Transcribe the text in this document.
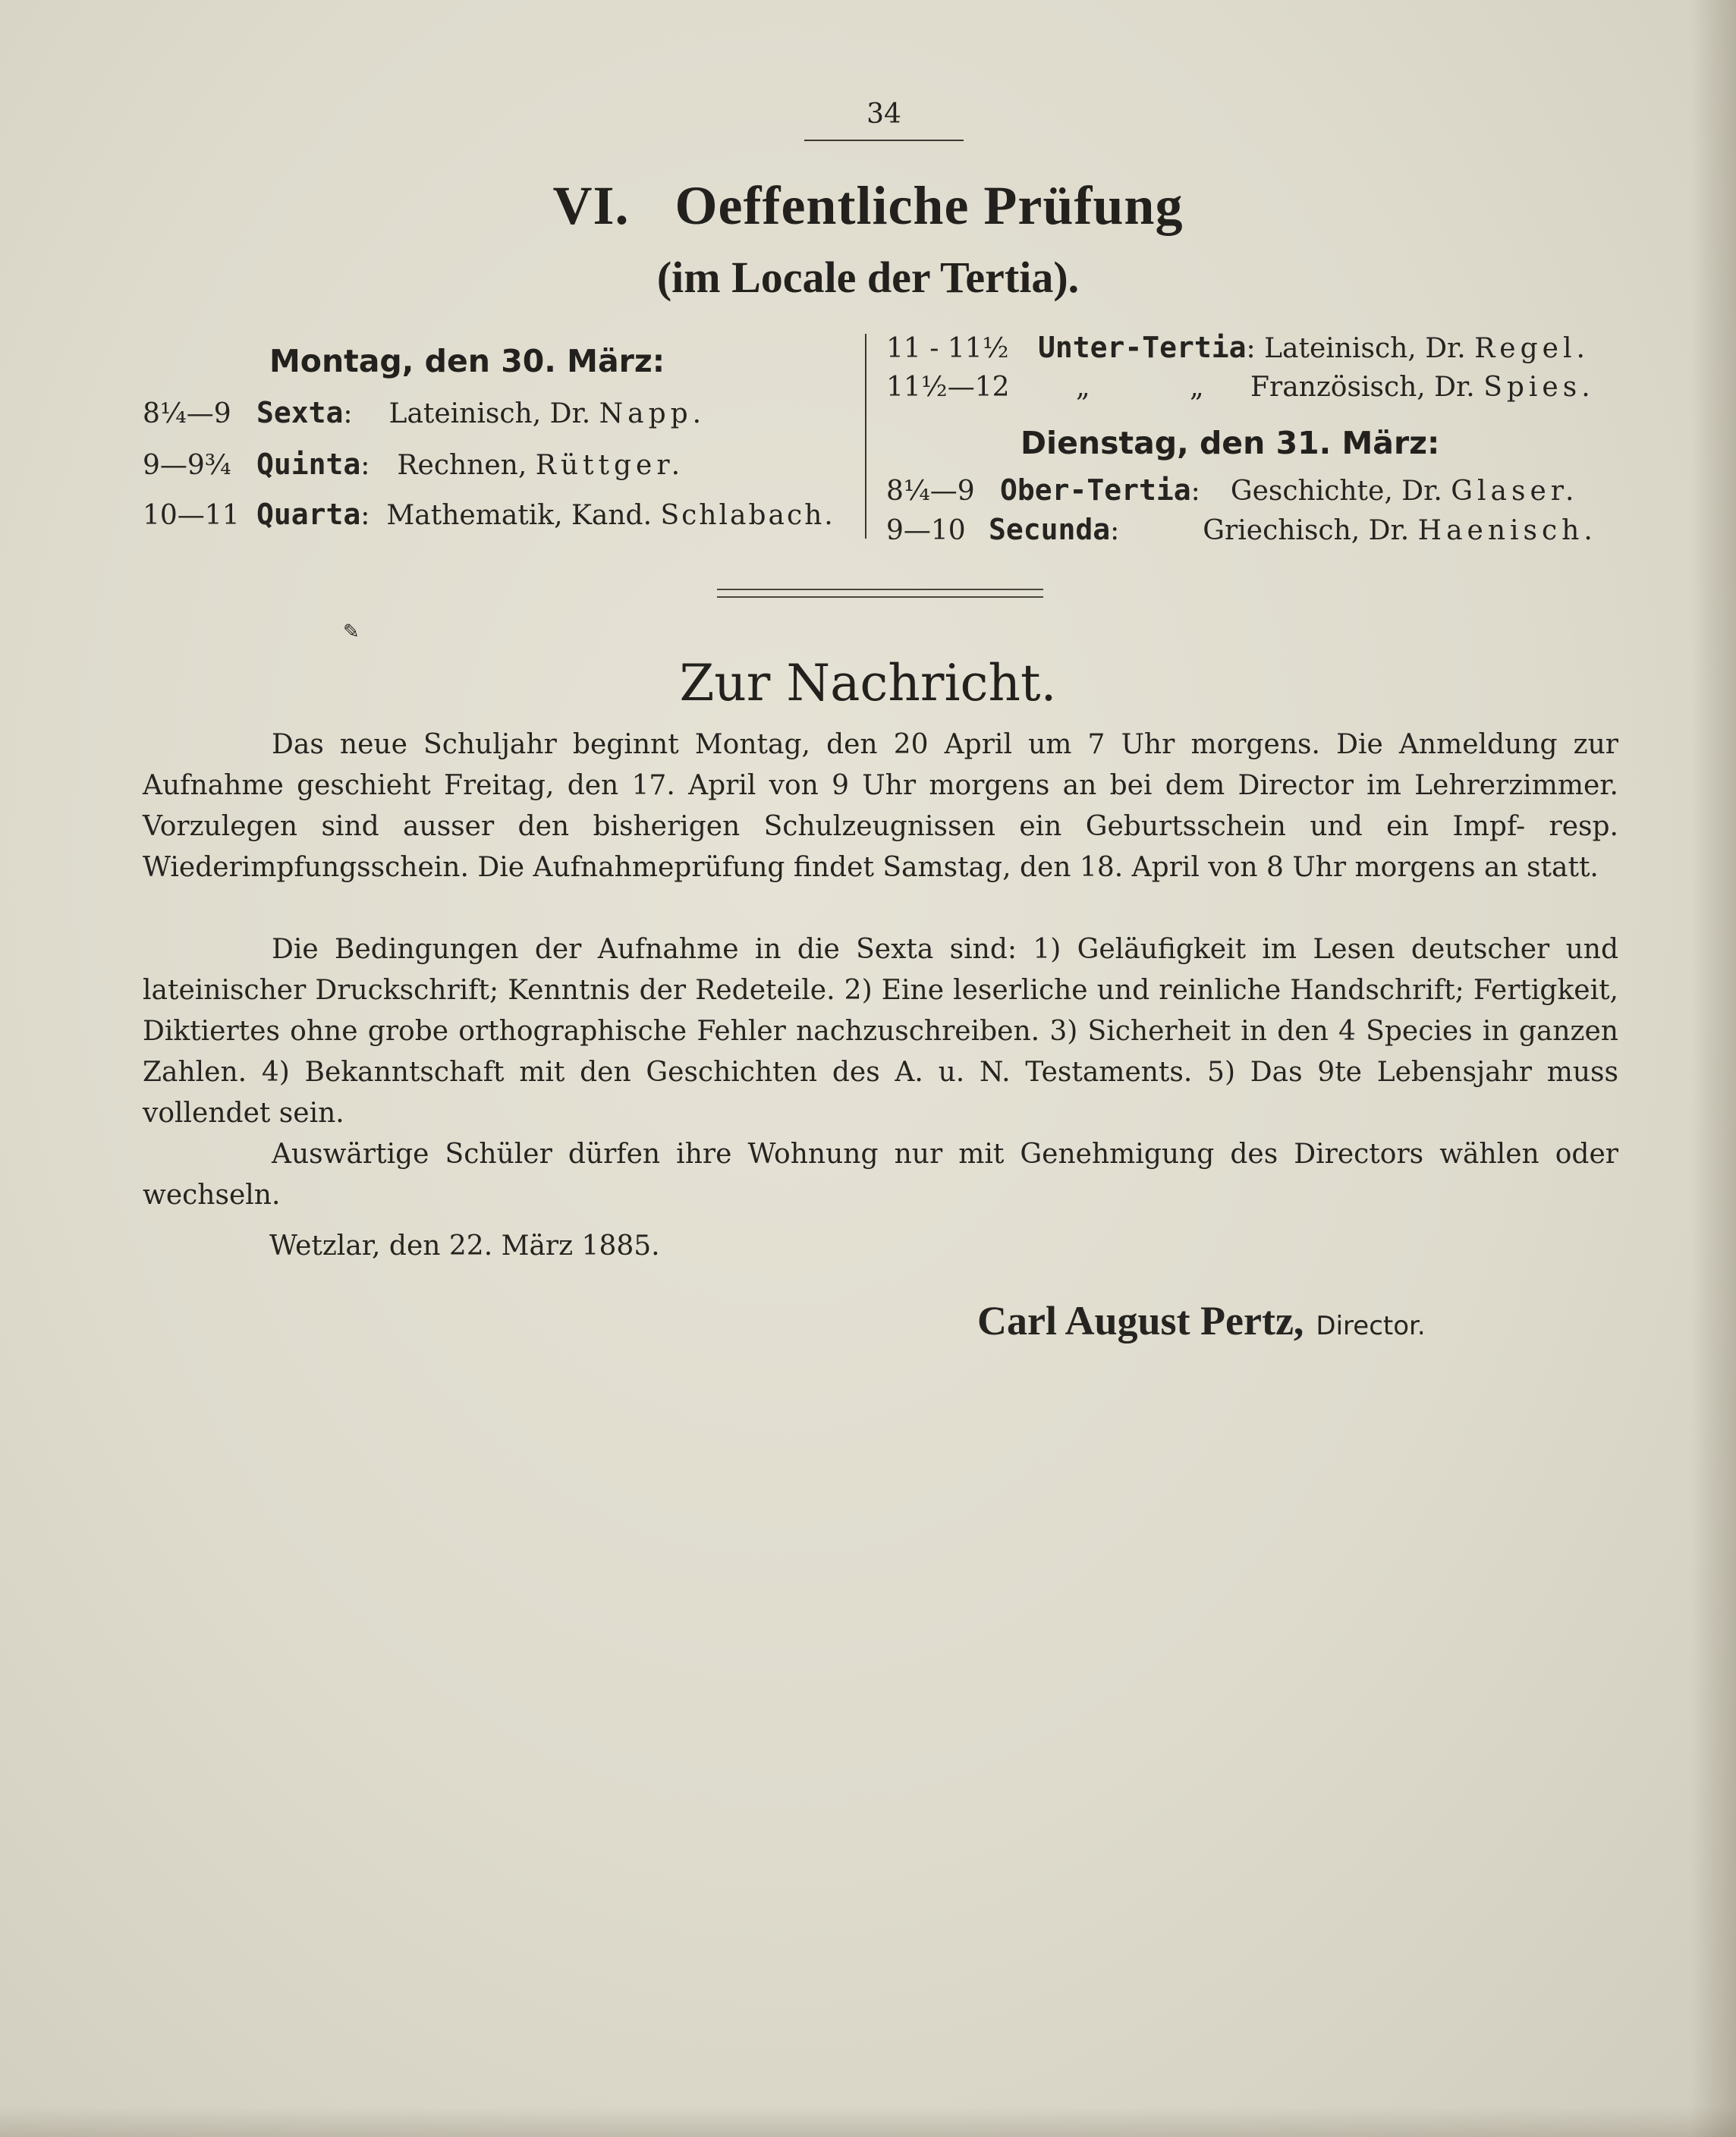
34
VI. Oeffentliche Prüfung
(im Locale der Tertia).
Montag, den 30. März:
8¼—9 Sexta: Lateinisch, Dr. Napp.
9—9¾ Quinta: Rechnen, Rüttger.
10—11 Quarta: Mathematik, Kand. Schlabach.
11 - 11½ Unter-Tertia: Lateinisch, Dr. Regel.
11½—12 „	„ Französisch, Dr. Spies.
Dienstag, den 31. März:
8¼—9 Ober-Tertia: Geschichte, Dr. Glaser.
9—10 Secunda:	Griechisch, Dr. Haenisch.
✎
Zur Nachricht.
Das neue Schuljahr beginnt Montag, den 20 April um 7 Uhr morgens. Die Anmeldung zur Aufnahme geschieht Freitag, den 17. April von 9 Uhr morgens an bei dem Director im Lehrerzimmer. Vorzulegen sind ausser den bisherigen Schulzeugnissen ein Geburtsschein und ein Impf- resp. Wiederimpfungsschein. Die Aufnahmeprüfung findet Samstag, den 18. April von 8 Uhr morgens an statt.
Die Bedingungen der Aufnahme in die Sexta sind: 1) Geläufigkeit im Lesen deutscher und lateinischer Druckschrift; Kenntnis der Redeteile. 2) Eine leserliche und reinliche Handschrift; Fertigkeit, Diktiertes ohne grobe orthographische Fehler nachzuschreiben. 3) Sicherheit in den 4 Species in ganzen Zahlen. 4) Bekanntschaft mit den Geschichten des A. u. N. Testaments. 5) Das 9te Lebensjahr muss vollendet sein.
Auswärtige Schüler dürfen ihre Wohnung nur mit Genehmigung des Directors wählen oder wechseln.
Wetzlar, den 22. März 1885.
Carl August Pertz, Director.
